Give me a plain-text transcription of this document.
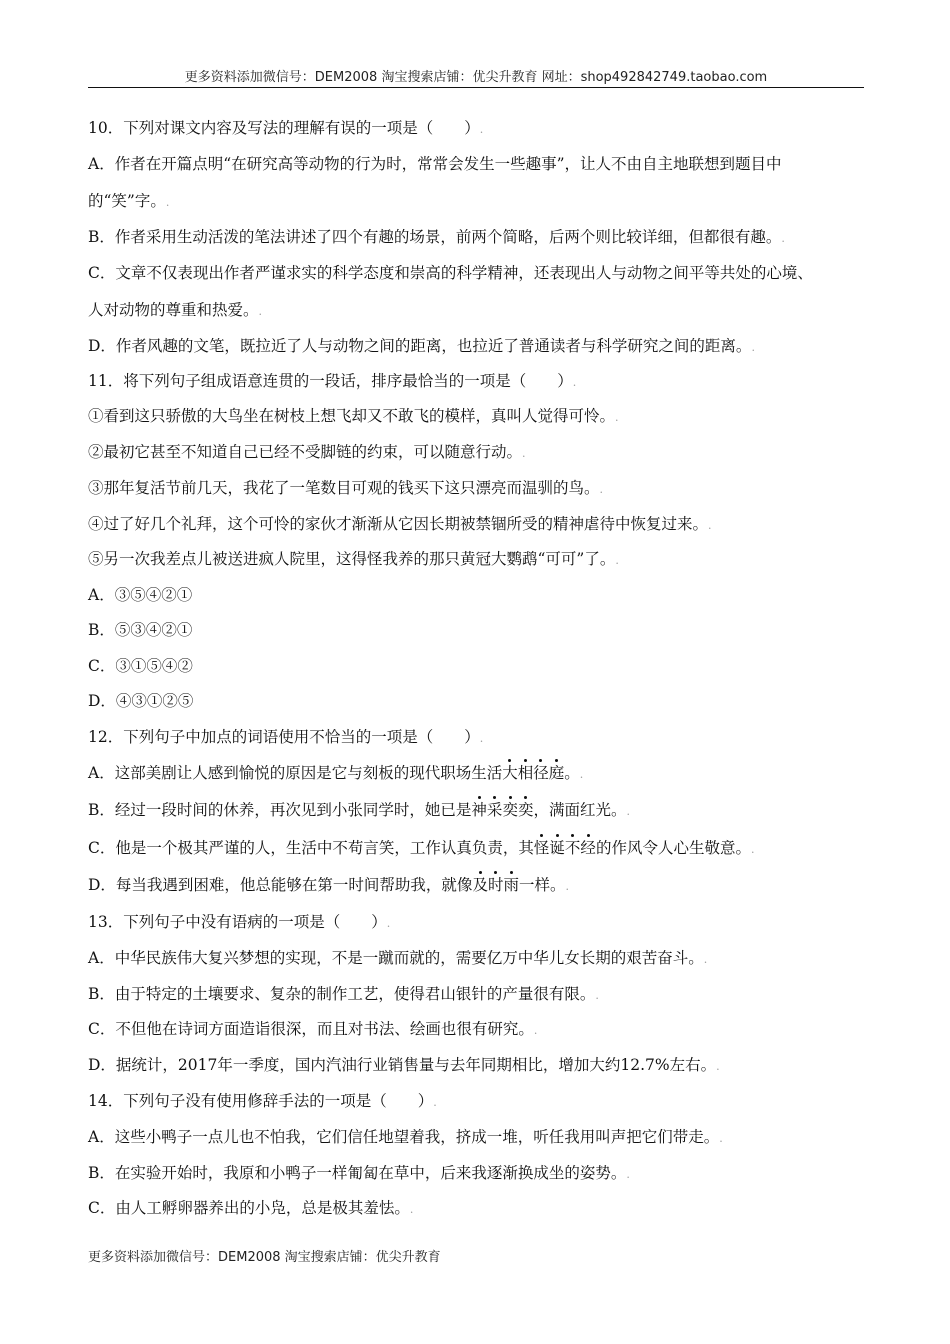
更多资料添加微信号：DEM2008 淘宝搜索店铺：优尖升教育 网址：shop492842749.taobao.com
10．下列对课文内容及写法的理解有误的一项是（　　）.
A．作者在开篇点明“在研究高等动物的行为时，常常会发生一些趣事”，让人不由自主地联想到题目中
的“笑”字。.
B．作者采用生动活泼的笔法讲述了四个有趣的场景，前两个简略，后两个则比较详细，但都很有趣。.
C．文章不仅表现出作者严谨求实的科学态度和崇高的科学精神，还表现出人与动物之间平等共处的心境、
人对动物的尊重和热爱。.
D．作者风趣的文笔，既拉近了人与动物之间的距离，也拉近了普通读者与科学研究之间的距离。.
11．将下列句子组成语意连贯的一段话，排序最恰当的一项是（　　）.
①看到这只骄傲的大鸟坐在树枝上想飞却又不敢飞的模样，真叫人觉得可怜。.
②最初它甚至不知道自己已经不受脚链的约束，可以随意行动。.
③那年复活节前几天，我花了一笔数目可观的钱买下这只漂亮而温驯的鸟。.
④过了好几个礼拜，这个可怜的家伙才渐渐从它因长期被禁锢所受的精神虐待中恢复过来。.
⑤另一次我差点儿被送进疯人院里，这得怪我养的那只黄冠大鹦鹉“可可”了。.
A．③⑤④②①
B．⑤③④②①
C．③①⑤④②
D．④③①②⑤
12．下列句子中加点的词语使用不恰当的一项是（　　）.
A．这部美剧让人感到愉悦的原因是它与刻板的现代职场生活大相径庭。.
B．经过一段时间的休养，再次见到小张同学时，她已是神采奕奕，满面红光。.
C．他是一个极其严谨的人，生活中不苟言笑，工作认真负责，其怪诞不经的作风令人心生敬意。.
D．每当我遇到困难，他总能够在第一时间帮助我，就像及时雨一样。.
13．下列句子中没有语病的一项是（　　）.
A．中华民族伟大复兴梦想的实现，不是一蹴而就的，需要亿万中华儿女长期的艰苦奋斗。.
B．由于特定的土壤要求、复杂的制作工艺，使得君山银针的产量很有限。.
C．不但他在诗词方面造诣很深，而且对书法、绘画也很有研究。.
D．据统计，2017年一季度，国内汽油行业销售量与去年同期相比，增加大约12.7%左右。.
14．下列句子没有使用修辞手法的一项是（　　）.
A．这些小鸭子一点儿也不怕我，它们信任地望着我，挤成一堆，听任我用叫声把它们带走。.
B．在实验开始时，我原和小鸭子一样匍匐在草中，后来我逐渐换成坐的姿势。.
C．由人工孵卵器养出的小凫，总是极其羞怯。.
更多资料添加微信号：DEM2008 淘宝搜索店铺：优尖升教育
